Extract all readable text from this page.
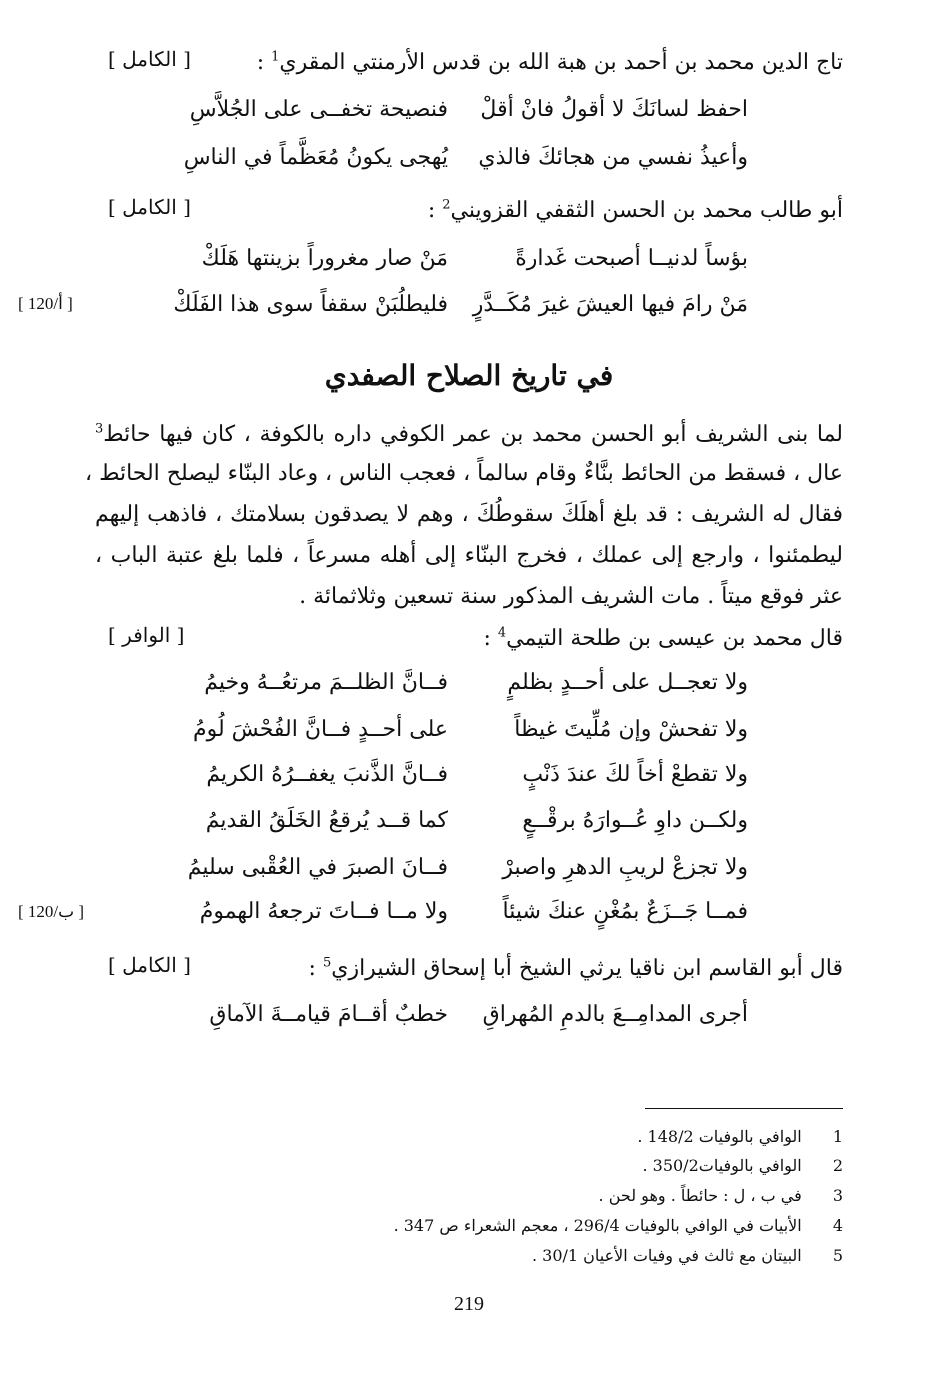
تاج الدين محمد بن أحمد بن هبة الله بن قدس الأرمنتي المقري$^1$ :
[ الكامل ]
احفظ لسانَكَ لا أقولُ فانْ أقلْ
فنصيحة تخفــى على الجُلاَّسِ
وأعيذُ نفسي من هجائكَ فالذي
يُهجى يكونُ مُعَظَّماً في الناسِ
أبو طالب محمد بن الحسن الثقفي القزويني$^2$ :
[ الكامل ]
بؤساً لدنيــا أصبحت غَدارةً
مَنْ صار مغروراً بزينتها هَلَكْ
مَنْ رامَ فيها العيشَ غيرَ مُكَــدَّرٍ
فليطلُبَنْ سقفاً سوى هذا الفَلَكْ
[ 120/أ ]
في تاريخ الصلاح الصفدي
لما بنى الشريف أبو الحسن محمد بن عمر الكوفي داره بالكوفة ، كان فيها حائط$^3$
عال ، فسقط من الحائط بنَّاءٌ وقام سالماً ، فعجب الناس ، وعاد البنّاء ليصلح الحائط ،
فقال له الشريف : قد بلغ أهلَكَ سقوطُكَ ، وهم لا يصدقون بسلامتك ، فاذهب إليهم
ليطمئنوا ، وارجع إلى عملك ، فخرج البنّاء إلى أهله مسرعاً ، فلما بلغ عتبة الباب ،
عثر فوقع ميتاً . مات الشريف المذكور سنة تسعين وثلاثمائة .
قال محمد بن عيسى بن طلحة التيمي$^4$ :
[ الوافر ]
ولا تعجــل على أحــدٍ بظلمٍ
فــانَّ الظلــمَ مرتعُــهُ وخيمُ
ولا تفحشْ وإن مُلِّيتَ غيظاً
على أحــدٍ فــانَّ الفُحْشَ لُومُ
ولا تقطعْ أخاً لكَ عندَ ذَنْبٍ
فــانَّ الذَّنبَ يغفــرُهُ الكريمُ
ولكــن داوِ عُــوارَهُ برقْــعٍ
كما قــد يُرقعُ الخَلَقُ القديمُ
ولا تجزعْ لريبِ الدهرِ واصبرْ
فــانَ الصبرَ في العُقْبى سليمُ
فمــا جَــزَعٌ بمُغْنٍ عنكَ شيئاً
ولا مــا فــاتَ ترجعهُ الهمومُ
[ 120/ب ]
قال أبو القاسم ابن ناقيا يرثي الشيخ أبا إسحاق الشيرازي$^5$ :
[ الكامل ]
أجرى المدامِــعَ بالدمِ المُهراقِ
خطبٌ أقــامَ قيامــةَ الآماقِ
1   الوافي بالوفيات 148/2 .
2   الوافي بالوفيات350/2 .
3   في ب ، ل : حائطاً . وهو لحن .
4   الأبيات في الوافي بالوفيات 296/4 ، معجم الشعراء ص 347 .
5   البيتان مع ثالث في وفيات الأعيان 30/1 .
219
